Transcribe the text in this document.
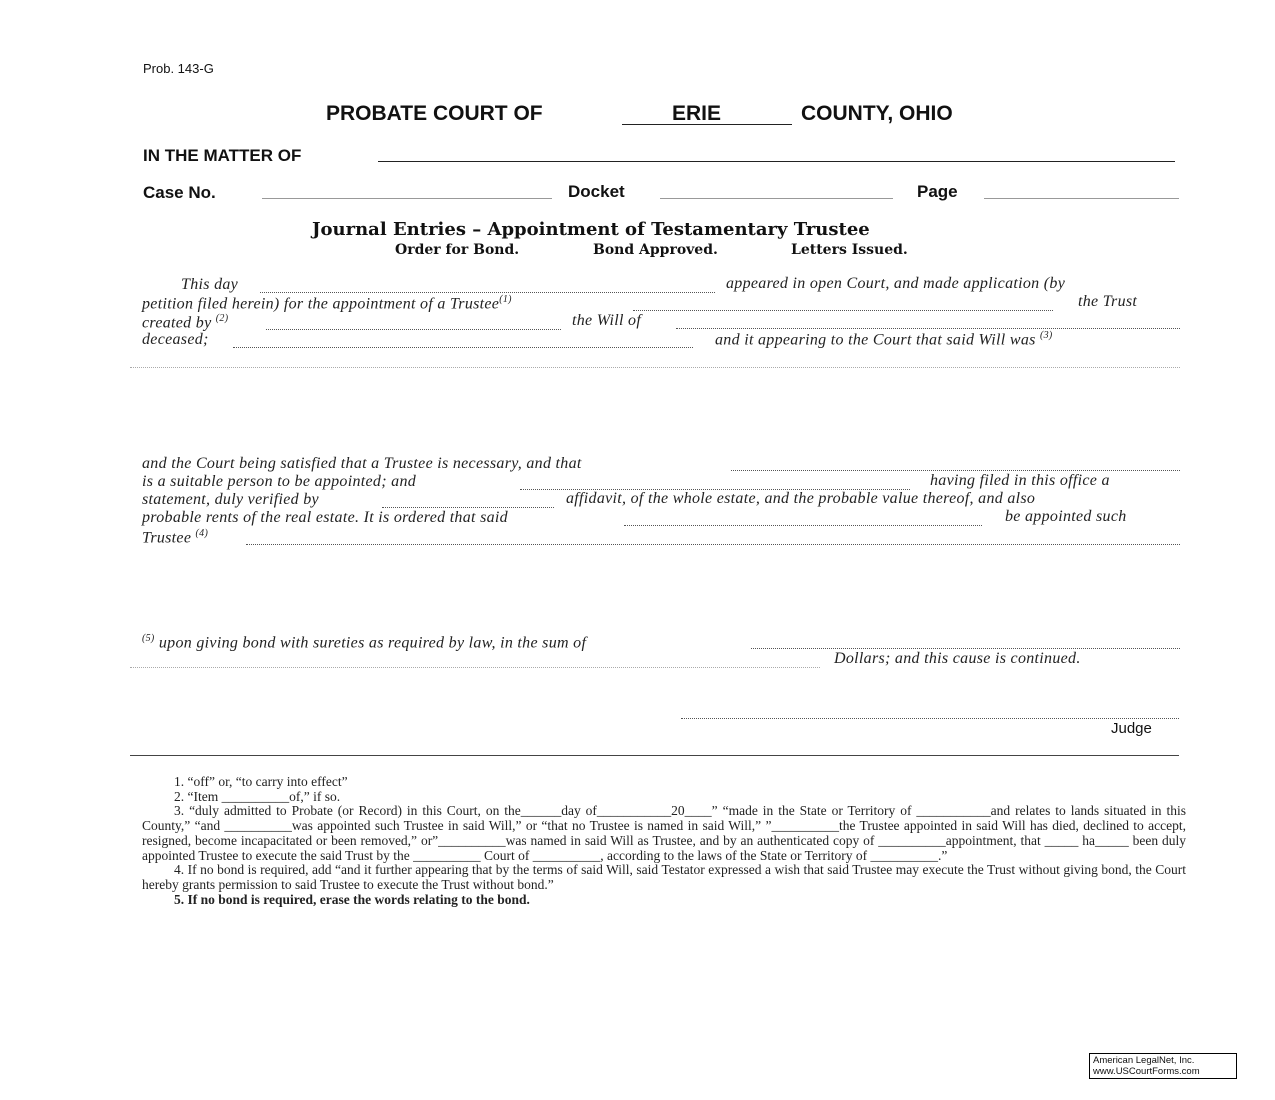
Prob. 143-G
PROBATE COURT OF	ERIE	COUNTY, OHIO
IN THE MATTER OF
Case No.	Docket	Page
Journal Entries – Appointment of Testamentary Trustee
Order for Bond.	Bond Approved.	Letters Issued.
This day	appeared in open Court, and made application (by
petition filed herein) for the appointment of a Trustee$^{(1)}$	the Trust
created by $^{(2)}$	the Will of
deceased;	and it appearing to the Court that said Will was $^{(3)}$
and the Court being satisfied that a Trustee is necessary, and that
is a suitable person to be appointed; and	having filed in this office a
statement, duly verified by	affidavit, of the whole estate, and the probable value thereof, and also
probable rents of the real estate. It is ordered that said	be appointed such
Trustee $^{(4)}$
$^{(5)}$ upon giving bond with sureties as required by law, in the sum of
Dollars; and this cause is continued.
Judge

1. “off” or, “to carry into effect”

2. “Item __________of,” if so.

3. “duly admitted to Probate (or Record) in this Court, on the______day of___________20____” “made in the State or Territory of ___________and relates to lands situated in this County,” “and __________was appointed such Trustee in said Will,” or “that no Trustee is named in said Will,” ”__________the Trustee appointed in said Will has died, declined to accept, resigned, become incapacitated or been removed,” or”__________was named in said Will as Trustee, and by an authenticated copy of __________appointment, that _____ ha_____ been duly appointed Trustee to execute the said Trust by the __________ Court of __________, according to the laws of the State or Territory of __________.”

4. If no bond is required, add “and it further appearing that by the terms of said Will, said Testator expressed a wish that said Trustee may execute the Trust without giving bond, the Court hereby grants permission to said Trustee to execute the Trust without bond.”

5. If no bond is required, erase the words relating to the bond.

American LegalNet, Inc.
www.USCourtForms.com
